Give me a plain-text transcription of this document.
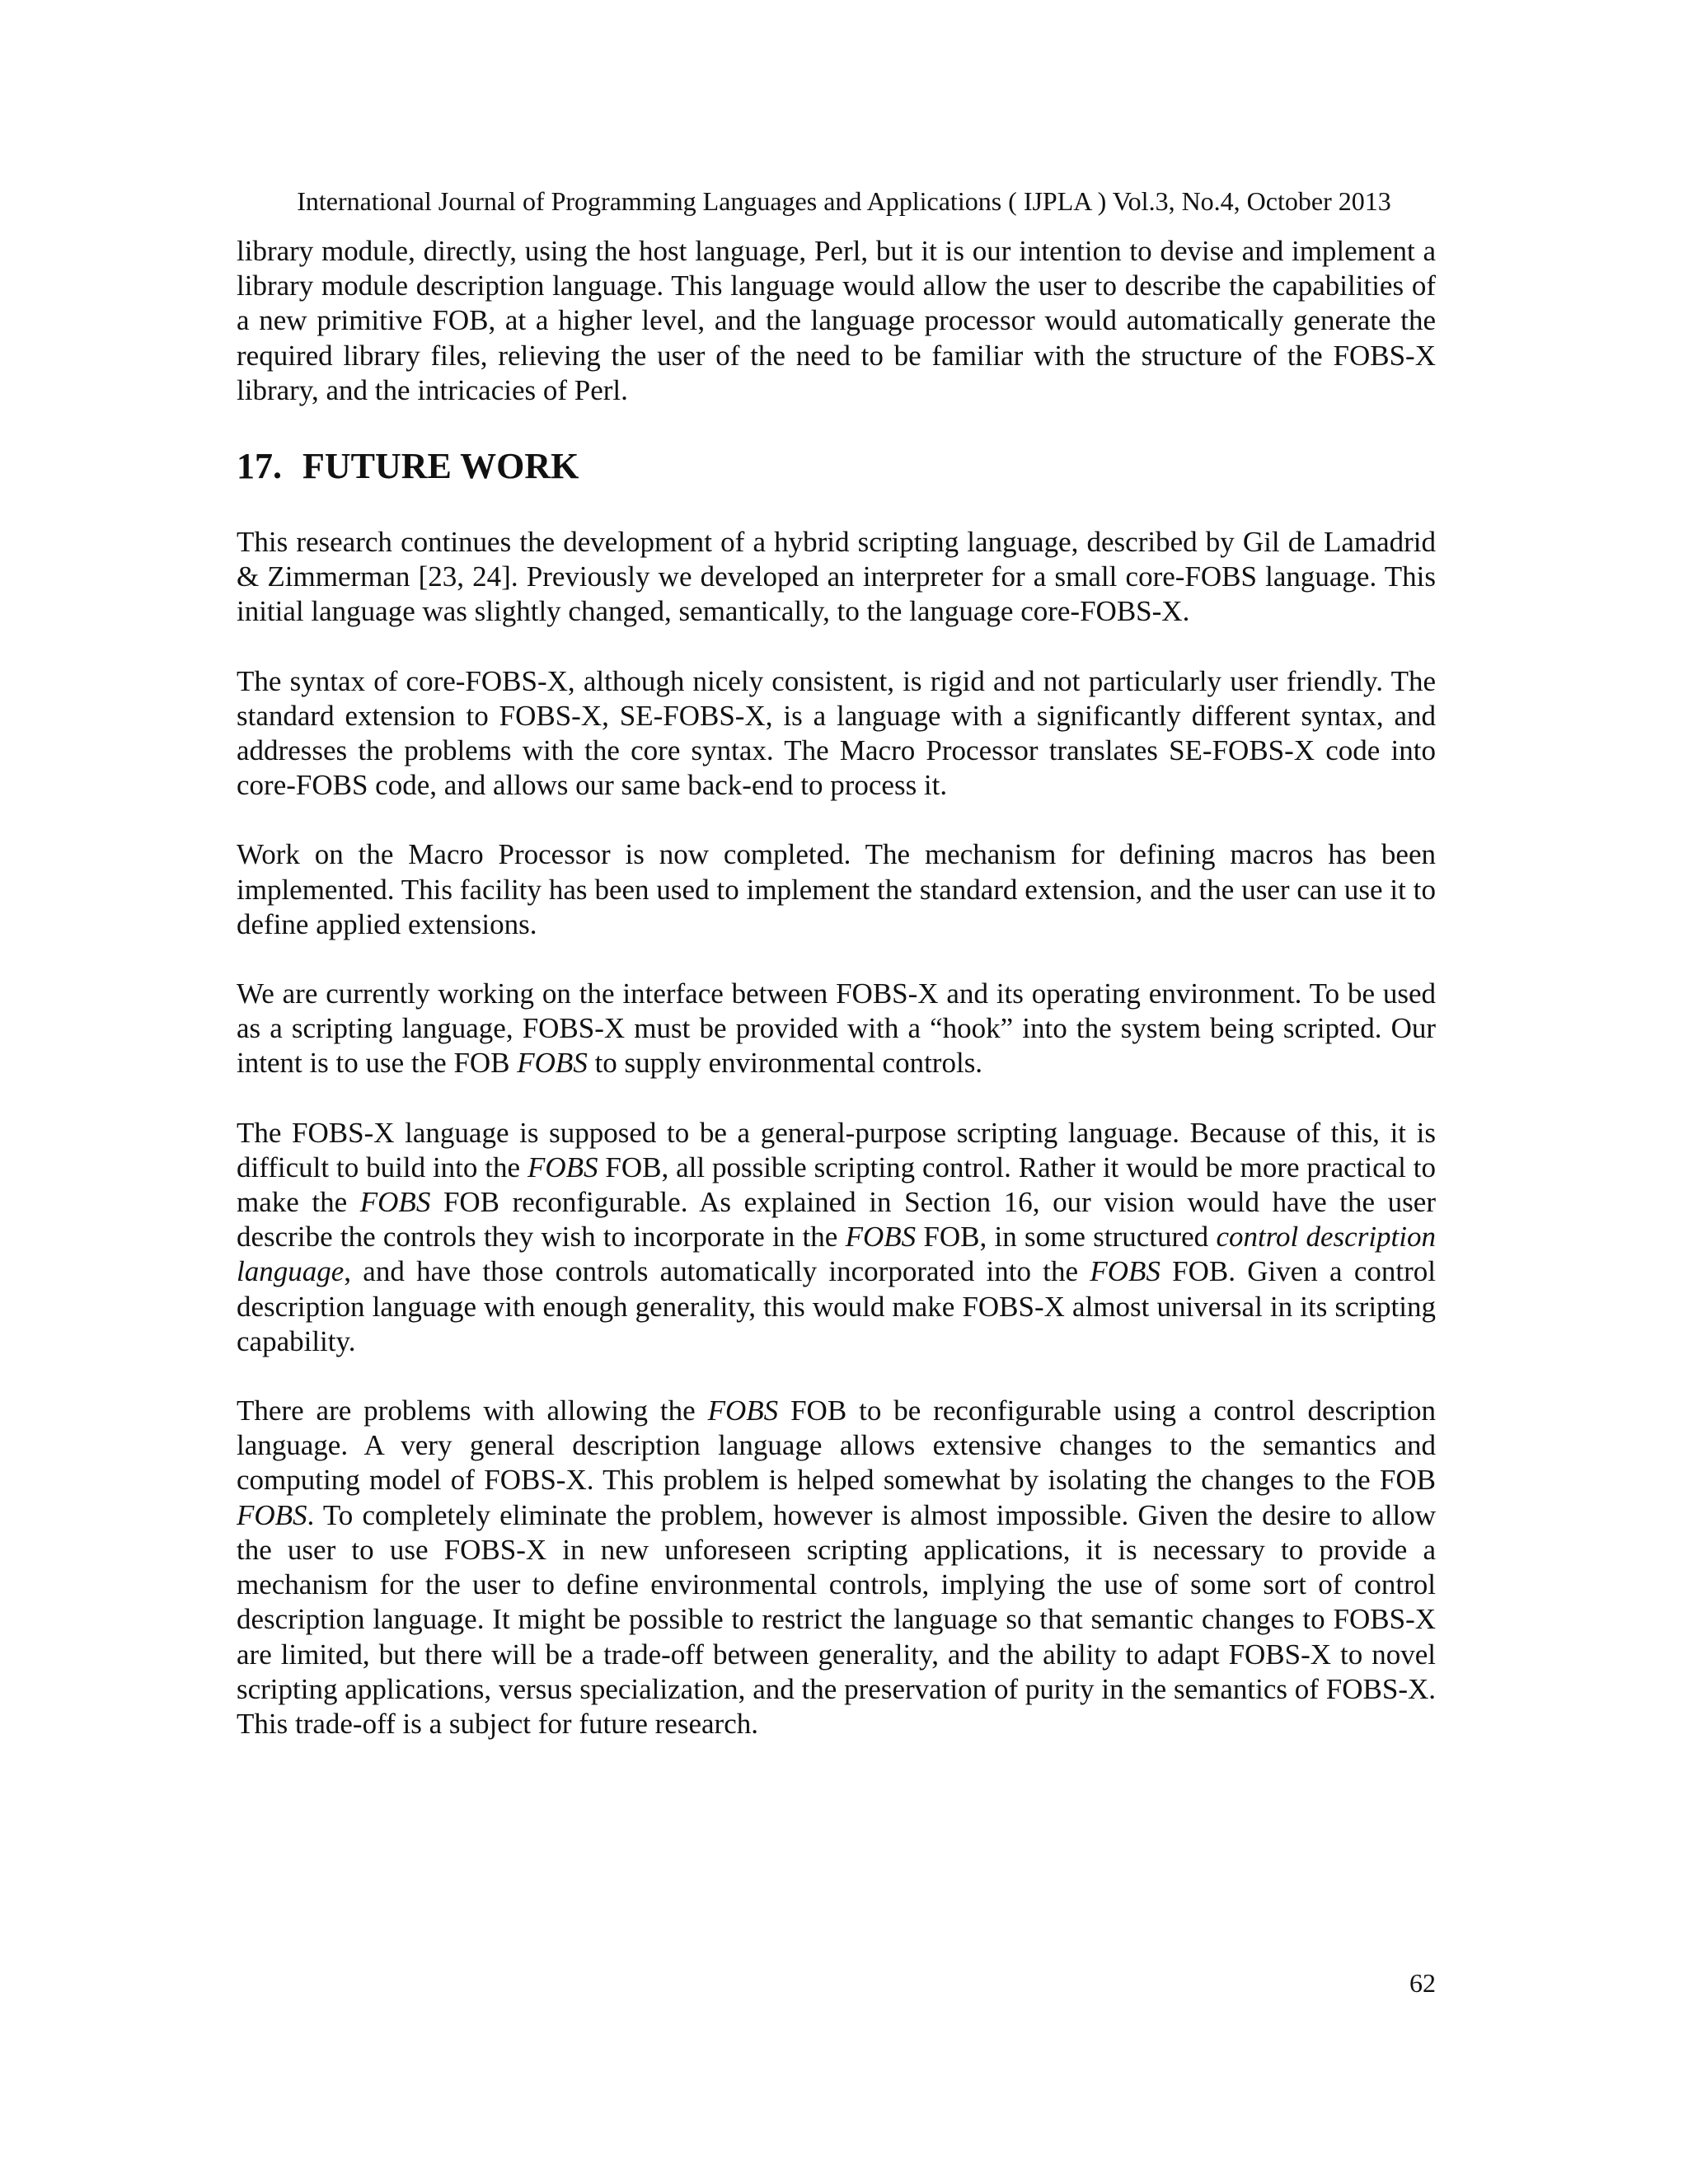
International Journal of Programming Languages and Applications ( IJPLA ) Vol.3, No.4, October 2013

library module, directly, using the host language, Perl, but it is our intention to devise and implement a library module description language. This language would allow the user to describe the capabilities of a new primitive FOB, at a higher level, and the language processor would automatically generate the required library files, relieving the user of the need to be familiar with the structure of the FOBS-X library, and the intricacies of Perl.

17. FUTURE WORK

This research continues the development of a hybrid scripting language, described by Gil de Lamadrid & Zimmerman [23, 24]. Previously we developed an interpreter for a small core-FOBS language. This initial language was slightly changed, semantically, to the language core-FOBS-X.

The syntax of core-FOBS-X, although nicely consistent, is rigid and not particularly user friendly. The standard extension to FOBS-X, SE-FOBS-X, is a language with a significantly different syntax, and addresses the problems with the core syntax. The Macro Processor translates SE-FOBS-X code into core-FOBS code, and allows our same back-end to process it.

Work on the Macro Processor is now completed. The mechanism for defining macros has been implemented. This facility has been used to implement the standard extension, and the user can use it to define applied extensions.

We are currently working on the interface between FOBS-X and its operating environment. To be used as a scripting language, FOBS-X must be provided with a “hook” into the system being scripted. Our intent is to use the FOB FOBS to supply environmental controls.

The FOBS-X language is supposed to be a general-purpose scripting language. Because of this, it is difficult to build into the FOBS FOB, all possible scripting control. Rather it would be more practical to make the FOBS FOB reconfigurable. As explained in Section 16, our vision would have the user describe the controls they wish to incorporate in the FOBS FOB, in some structured control description language, and have those controls automatically incorporated into the FOBS FOB. Given a control description language with enough generality, this would make FOBS-X almost universal in its scripting capability.

There are problems with allowing the FOBS FOB to be reconfigurable using a control description language. A very general description language allows extensive changes to the semantics and computing model of FOBS-X. This problem is helped somewhat by isolating the changes to the FOB FOBS. To completely eliminate the problem, however is almost impossible. Given the desire to allow the user to use FOBS-X in new unforeseen scripting applications, it is necessary to provide a mechanism for the user to define environmental controls, implying the use of some sort of control description language. It might be possible to restrict the language so that semantic changes to FOBS-X are limited, but there will be a trade-off between generality, and the ability to adapt FOBS-X to novel scripting applications, versus specialization, and the preservation of purity in the semantics of FOBS-X. This trade-off is a subject for future research.

62
